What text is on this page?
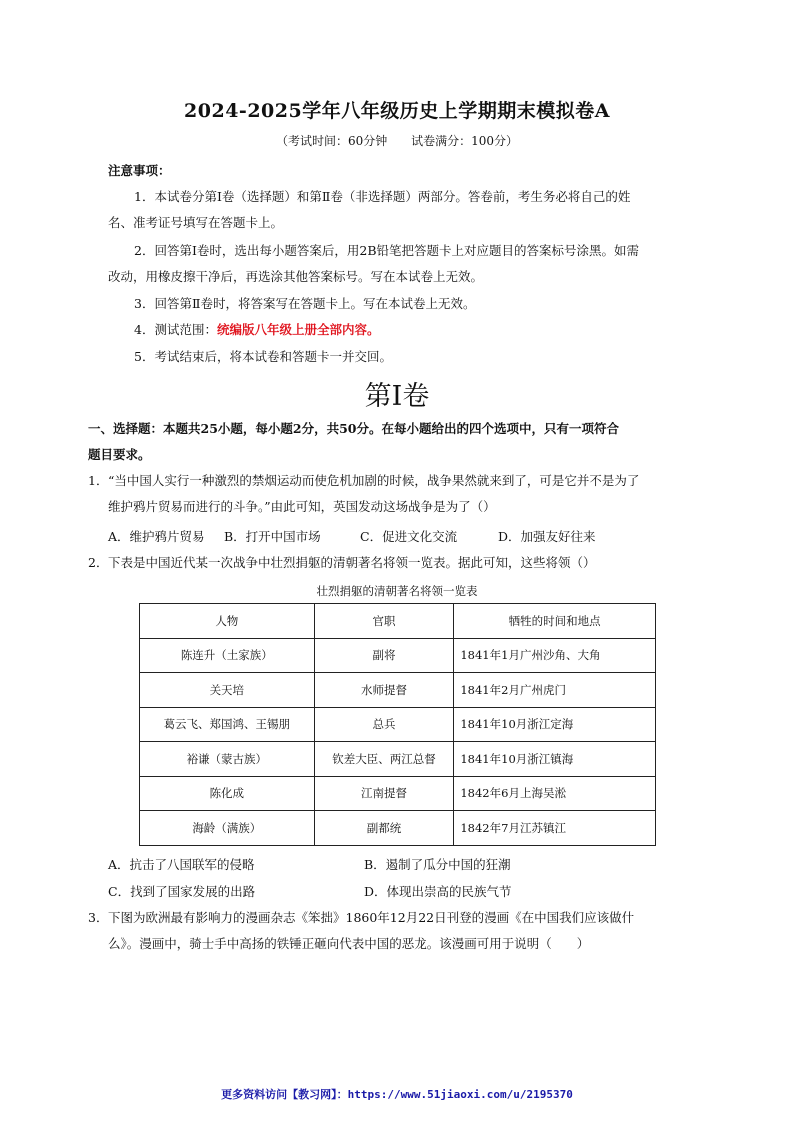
2024-2025学年八年级历史上学期期末模拟卷A
（考试时间：60分钟 试卷满分：100分）
注意事项：
1．本试卷分第Ⅰ卷（选择题）和第Ⅱ卷（非选择题）两部分。答卷前，考生务必将自己的姓
名、准考证号填写在答题卡上。
2．回答第Ⅰ卷时，选出每小题答案后，用2B铅笔把答题卡上对应题目的答案标号涂黑。如需
改动，用橡皮擦干净后，再选涂其他答案标号。写在本试卷上无效。
3．回答第Ⅱ卷时，将答案写在答题卡上。写在本试卷上无效。
4．测试范围：统编版八年级上册全部内容。
5．考试结束后，将本试卷和答题卡一并交回。
第Ⅰ卷
一、选择题：本题共25小题，每小题2分，共50分。在每小题给出的四个选项中，只有一项符合
题目要求。
1．“当中国人实行一种激烈的禁烟运动而使危机加剧的时候，战争果然就来到了，可是它并不是为了
维护鸦片贸易而进行的斗争。”由此可知，英国发动这场战争是为了（）
A．维护鸦片贸易 B．打开中国市场	C．促进文化交流	D．加强友好往来
2．下表是中国近代某一次战争中壮烈捐躯的清朝著名将领一览表。据此可知，这些将领（）
壮烈捐躯的清朝著名将领一览表
人物	官职	牺牲的时间和地点
陈连升（土家族）	副将	1841年1月广州沙角、大角
关天培	水师提督	1841年2月广州虎门
葛云飞、郑国鸿、王锡朋	总兵	1841年10月浙江定海
裕谦（蒙古族）	钦差大臣、两江总督	1841年10月浙江镇海
陈化成	江南提督	1842年6月上海吴淞
海龄（满族）	副都统	1842年7月江苏镇江
A．抗击了八国联军的侵略	B．遏制了瓜分中国的狂潮
C．找到了国家发展的出路	D．体现出崇高的民族气节
3．下图为欧洲最有影响力的漫画杂志《笨拙》1860年12月22日刊登的漫画《在中国我们应该做什
么》。漫画中，骑士手中高扬的铁锤正砸向代表中国的恶龙。该漫画可用于说明（　　）
更多资料访问【教习网】：https://www.51jiaoxi.com/u/2195370
